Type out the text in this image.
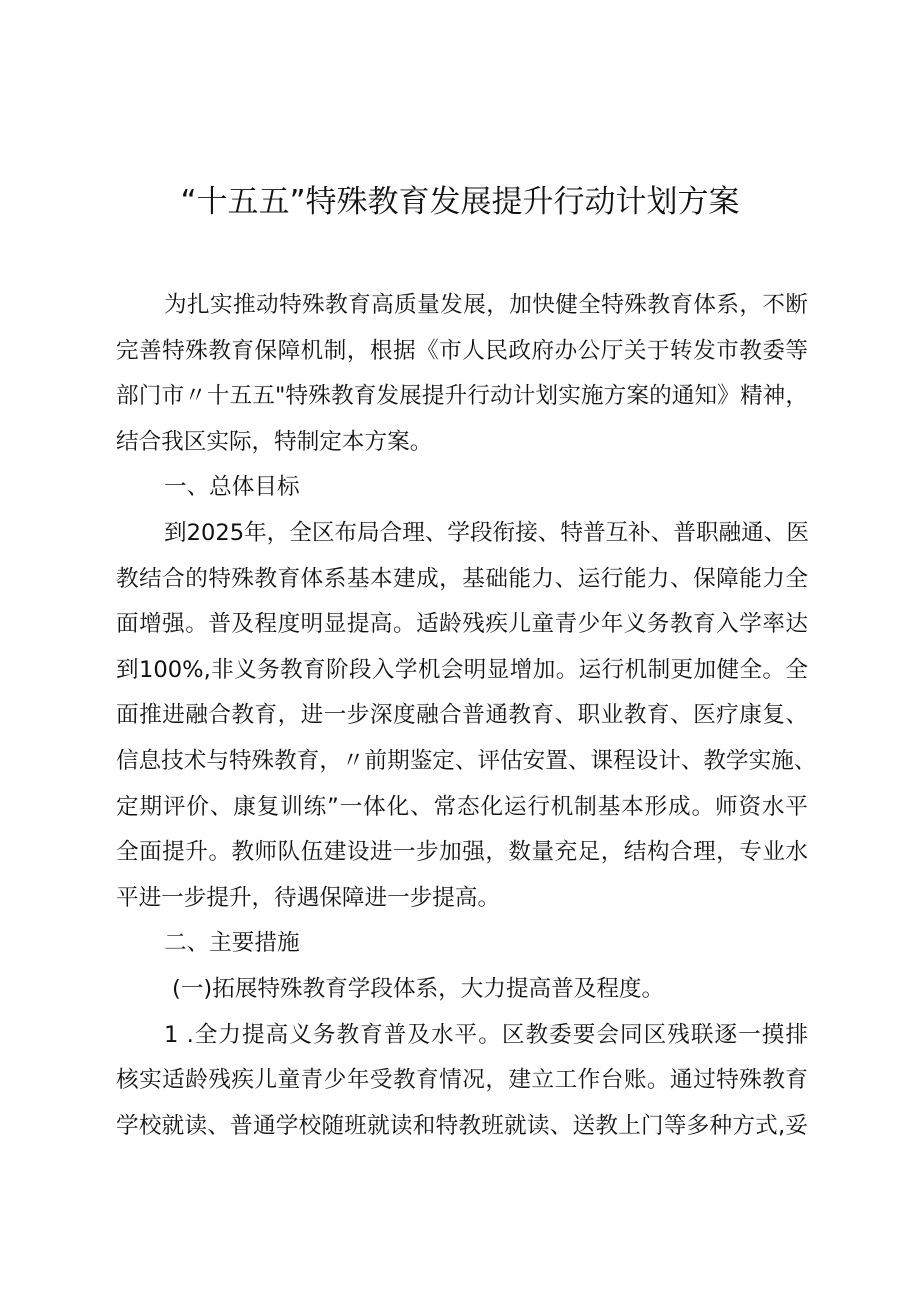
“十五五”特殊教育发展提升行动计划方案
为扎实推动特殊教育高质量发展，加快健全特殊教育体系，不断
完善特殊教育保障机制，根据《市人民政府办公厅关于转发市教委等
部门市〃十五五"特殊教育发展提升行动计划实施方案的通知》精神，
结合我区实际，特制定本方案。
一、总体目标
到2025年，全区布局合理、学段衔接、特普互补、普职融通、医
教结合的特殊教育体系基本建成，基础能力、运行能力、保障能力全
面增强。普及程度明显提高。适龄残疾儿童青少年义务教育入学率达
到100%,非义务教育阶段入学机会明显增加。运行机制更加健全。全
面推进融合教育，进一步深度融合普通教育、职业教育、医疗康复、
信息技术与特殊教育，〃前期鉴定、评估安置、课程设计、教学实施、
定期评价、康复训练”一体化、常态化运行机制基本形成。师资水平
全面提升。教师队伍建设进一步加强，数量充足，结构合理，专业水
平进一步提升，待遇保障进一步提高。
二、主要措施
(一)拓展特殊教育学段体系，大力提高普及程度。
1 .全力提高义务教育普及水平。区教委要会同区残联逐一摸排
核实适龄残疾儿童青少年受教育情况，建立工作台账。通过特殊教育
学校就读、普通学校随班就读和特教班就读、送教上门等多种方式,妥
